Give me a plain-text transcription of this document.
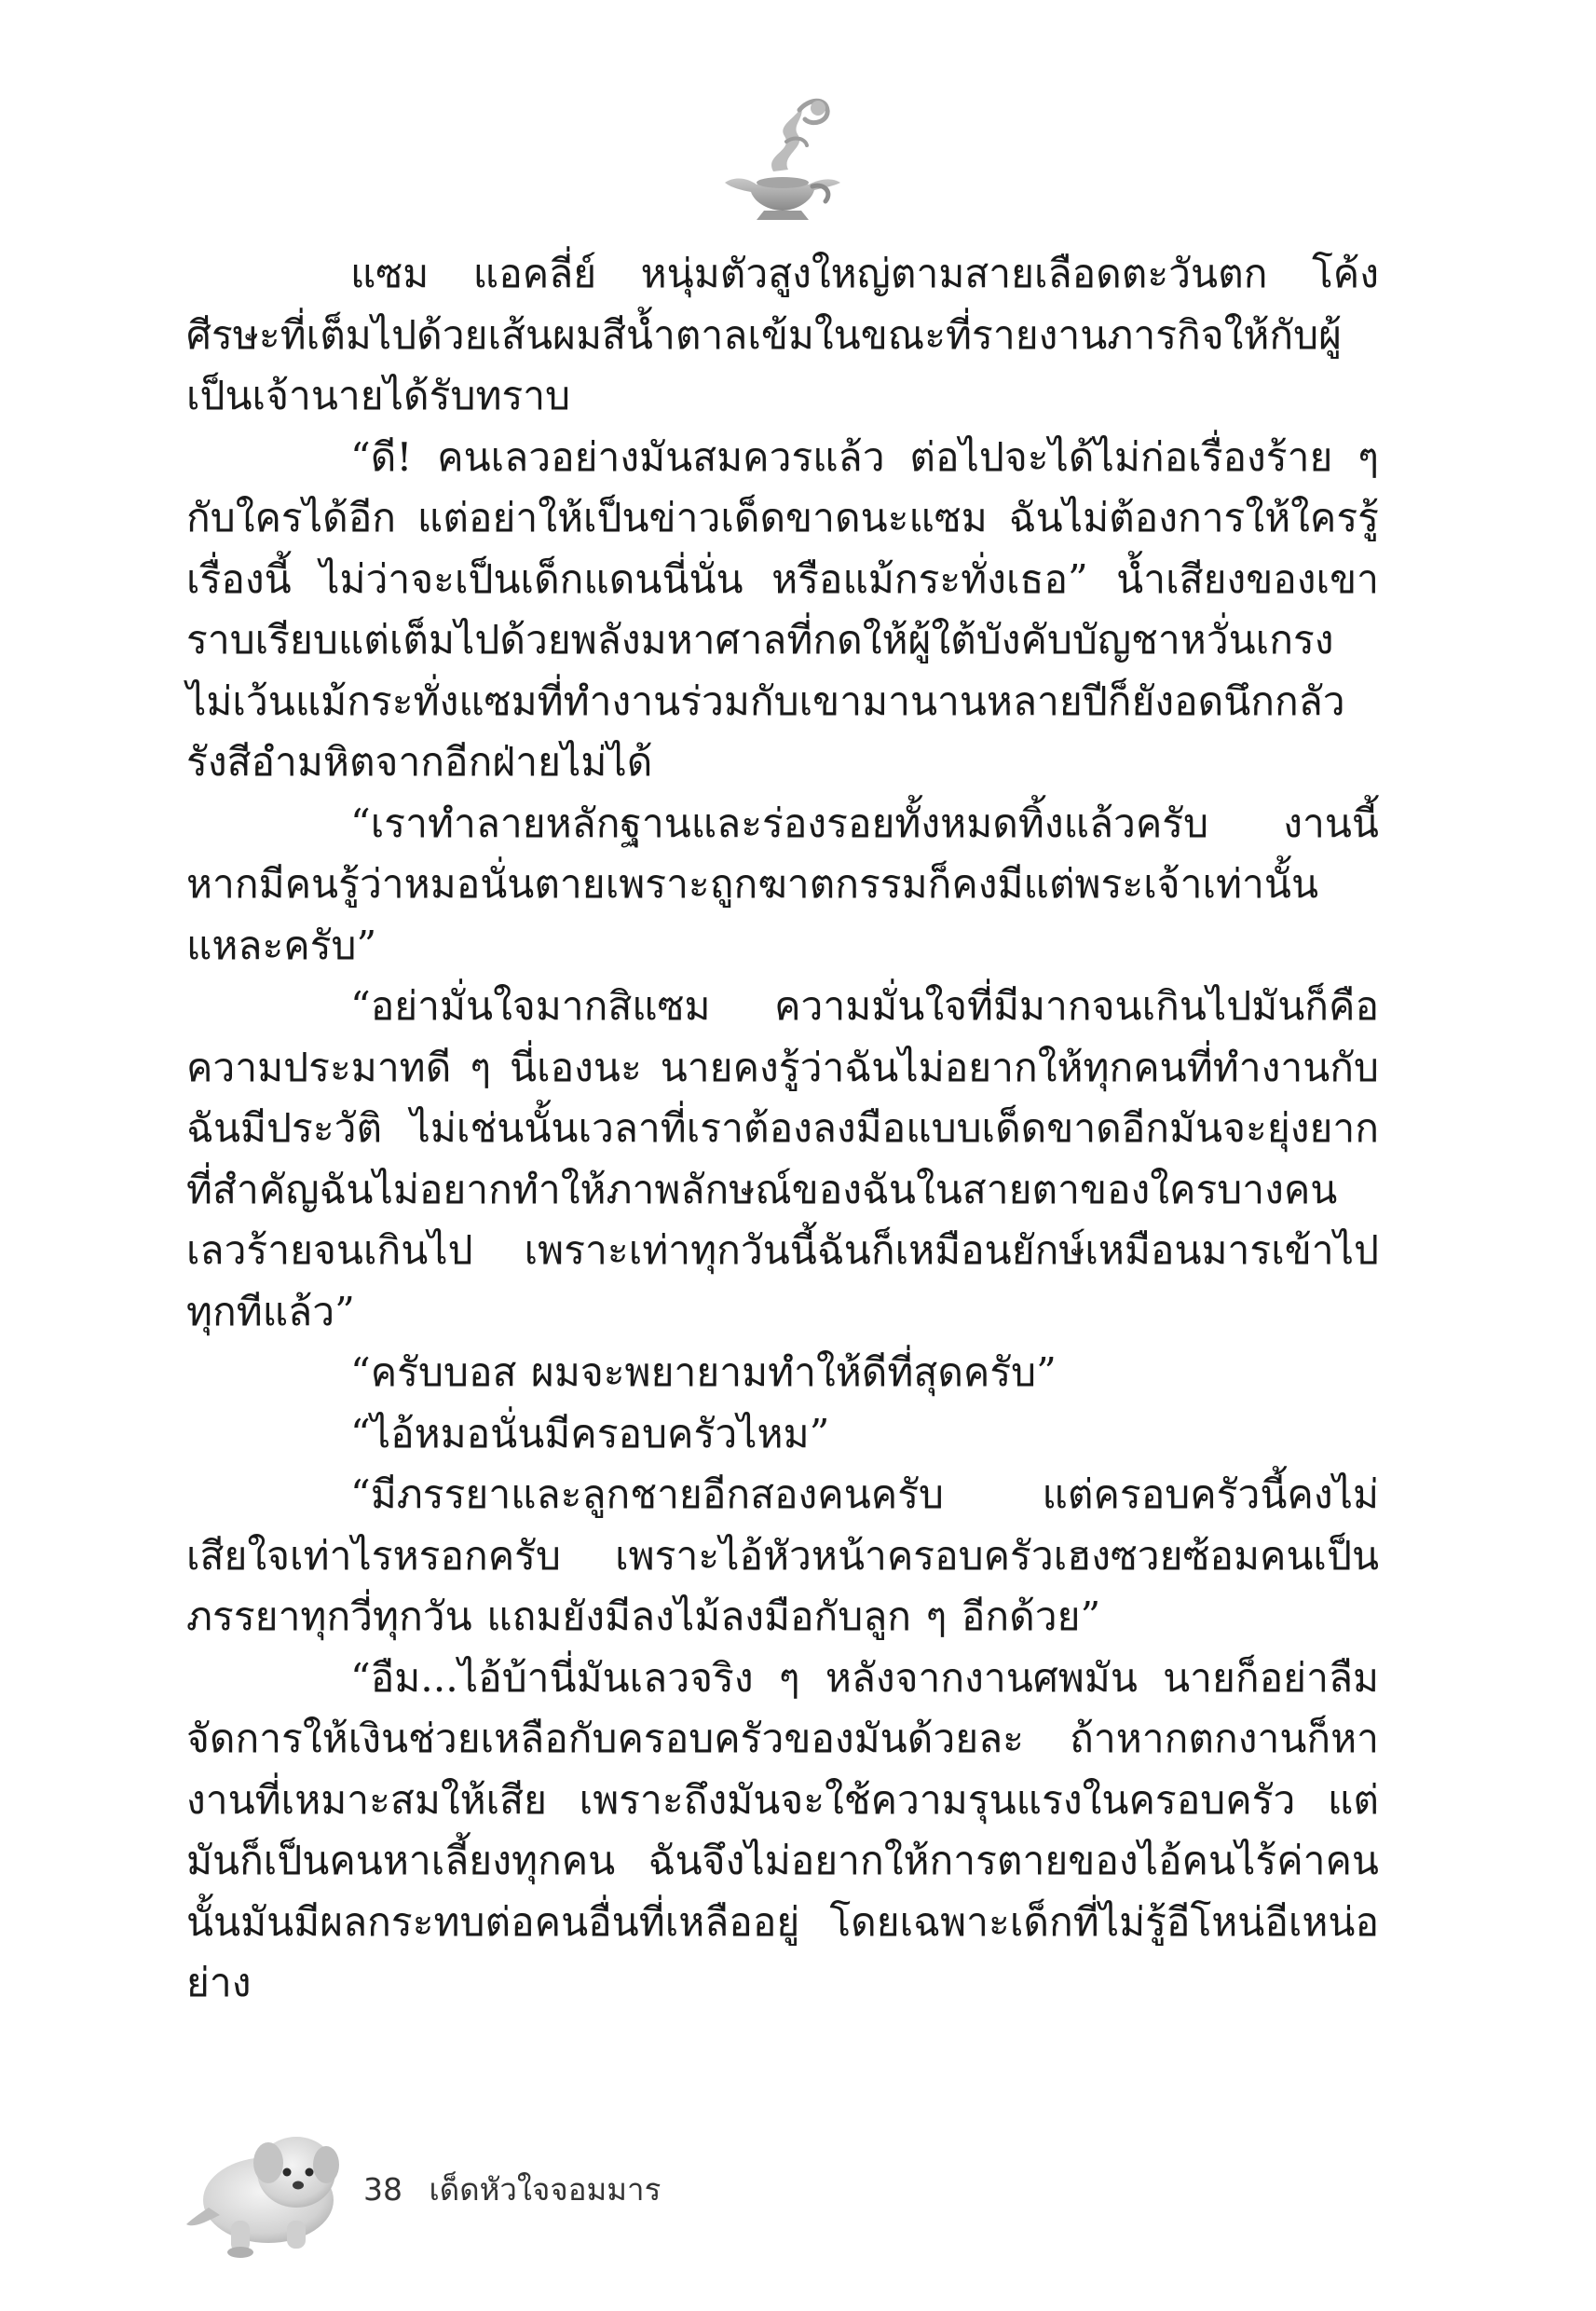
แซม แอคลี่ย์ หนุ่มตัวสูงใหญ่ตามสายเลือดตะวันตก โค้งศีรษะที่เต็มไปด้วยเส้นผมสีน้ำตาลเข้มในขณะที่รายงานภารกิจให้กับผู้เป็นเจ้านายได้รับทราบ

“ดี! คนเลวอย่างมันสมควรแล้ว ต่อไปจะได้ไม่ก่อเรื่องร้าย ๆ กับใครได้อีก แต่อย่าให้เป็นข่าวเด็ดขาดนะแซม ฉันไม่ต้องการให้ใครรู้เรื่องนี้ ไม่ว่าจะเป็นเด็กแดนนี่นั่น หรือแม้กระทั่งเธอ” น้ำเสียงของเขาราบเรียบแต่เต็มไปด้วยพลังมหาศาลที่กดให้ผู้ใต้บังคับบัญชาหวั่นเกรงไม่เว้นแม้กระทั่งแซมที่ทำงานร่วมกับเขามานานหลายปีก็ยังอดนึกกลัวรังสีอำมหิตจากอีกฝ่ายไม่ได้

“เราทำลายหลักฐานและร่องรอยทั้งหมดทิ้งแล้วครับ งานนี้หากมีคนรู้ว่าหมอนั่นตายเพราะถูกฆาตกรรมก็คงมีแต่พระเจ้าเท่านั้นแหละครับ”

“อย่ามั่นใจมากสิแซม ความมั่นใจที่มีมากจนเกินไปมันก็คือความประมาทดี ๆ นี่เองนะ นายคงรู้ว่าฉันไม่อยากให้ทุกคนที่ทำงานกับฉันมีประวัติ ไม่เช่นนั้นเวลาที่เราต้องลงมือแบบเด็ดขาดอีกมันจะยุ่งยากที่สำคัญฉันไม่อยากทำให้ภาพลักษณ์ของฉันในสายตาของใครบางคนเลวร้ายจนเกินไป เพราะเท่าทุกวันนี้ฉันก็เหมือนยักษ์เหมือนมารเข้าไปทุกทีแล้ว”

“ครับบอส ผมจะพยายามทำให้ดีที่สุดครับ”

“ไอ้หมอนั่นมีครอบครัวไหม”

“มีภรรยาและลูกชายอีกสองคนครับ แต่ครอบครัวนี้คงไม่เสียใจเท่าไรหรอกครับ เพราะไอ้หัวหน้าครอบครัวเฮงซวยซ้อมคนเป็นภรรยาทุกวี่ทุกวัน แถมยังมีลงไม้ลงมือกับลูก ๆ อีกด้วย”

“อืม...ไอ้บ้านี่มันเลวจริง ๆ หลังจากงานศพมัน นายก็อย่าลืมจัดการให้เงินช่วยเหลือกับครอบครัวของมันด้วยละ ถ้าหากตกงานก็หางานที่เหมาะสมให้เสีย เพราะถึงมันจะใช้ความรุนแรงในครอบครัว แต่มันก็เป็นคนหาเลี้ยงทุกคน ฉันจึงไม่อยากให้การตายของไอ้คนไร้ค่าคนนั้นมันมีผลกระทบต่อคนอื่นที่เหลืออยู่ โดยเฉพาะเด็กที่ไม่รู้อีโหน่อีเหน่อย่าง

38 เด็ดหัวใจจอมมาร
